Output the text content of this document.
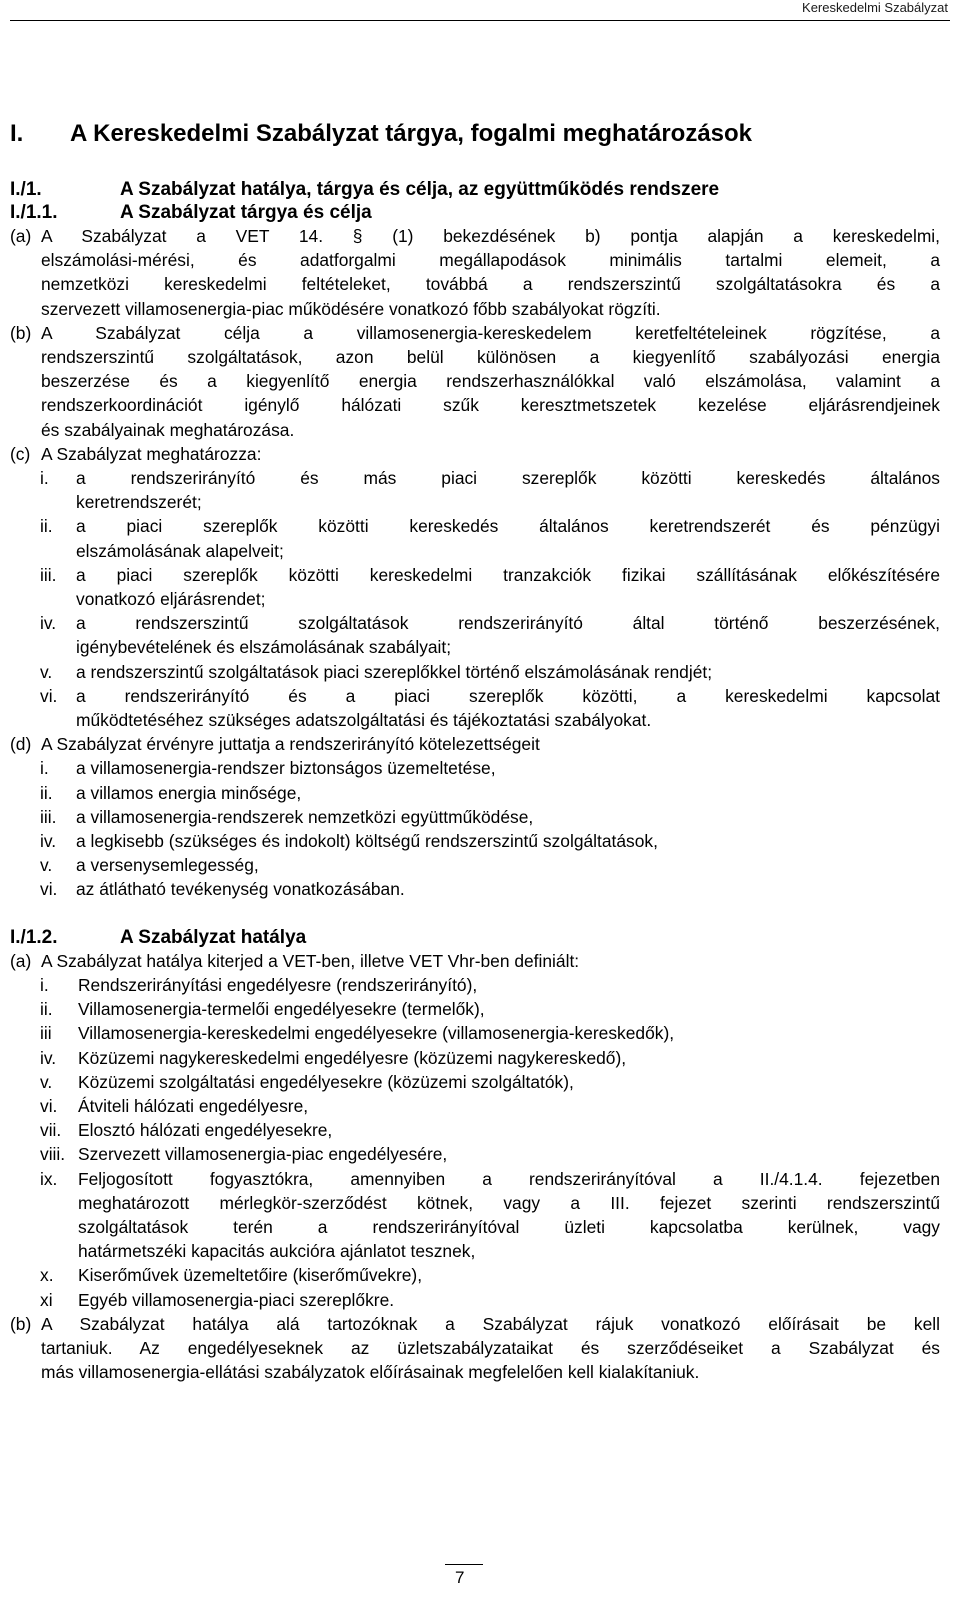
Kereskedelmi Szabályzat
I.	A Kereskedelmi Szabályzat tárgya, fogalmi meghatározások
I./1.	A Szabályzat hatálya, tárgya és célja, az együttműködés rendszere
I./1.1.	A Szabályzat tárgya és célja
(a) A Szabályzat a VET 14. § (1) bekezdésének b) pontja alapján a kereskedelmi,
elszámolási-mérési, és adatforgalmi megállapodások minimális tartalmi elemeit, a
nemzetközi kereskedelmi feltételeket, továbbá a rendszerszintű szolgáltatásokra és a
szervezett villamosenergia-piac működésére vonatkozó főbb szabályokat rögzíti.
(b) A Szabályzat célja a villamosenergia-kereskedelem keretfeltételeinek rögzítése, a
rendszerszintű szolgáltatások, azon belül különösen a kiegyenlítő szabályozási energia
beszerzése és a kiegyenlítő energia rendszerhasználókkal való elszámolása, valamint a
rendszerkoordinációt igénylő hálózati szűk keresztmetszetek kezelése eljárásrendjeinek
és szabályainak meghatározása.
(c) A Szabályzat meghatározza:
i.	a rendszerirányító és más piaci szereplők közötti kereskedés általános
keretrendszerét;
ii.	a piaci szereplők közötti kereskedés általános keretrendszerét és pénzügyi
elszámolásának alapelveit;
iii.	a piaci szereplők közötti kereskedelmi tranzakciók fizikai szállításának előkészítésére
vonatkozó eljárásrendet;
iv.	a rendszerszintű szolgáltatások rendszerirányító által történő beszerzésének,
igénybevételének és elszámolásának szabályait;
v.	a rendszerszintű szolgáltatások piaci szereplőkkel történő elszámolásának rendjét;
vi.	a rendszerirányító és a piaci szereplők közötti, a kereskedelmi kapcsolat
működtetéséhez szükséges adatszolgáltatási és tájékoztatási szabályokat.
(d) A Szabályzat érvényre juttatja a rendszerirányító kötelezettségeit
i.	a villamosenergia-rendszer biztonságos üzemeltetése,
ii.	a villamos energia minősége,
iii.	a villamosenergia-rendszerek nemzetközi együttműködése,
iv.	a legkisebb (szükséges és indokolt) költségű rendszerszintű szolgáltatások,
v.	a versenysemlegesség,
vi.	az átlátható tevékenység vonatkozásában.
I./1.2.	A Szabályzat hatálya
(a) A Szabályzat hatálya kiterjed a VET-ben, illetve VET Vhr-ben definiált:
i.	Rendszerirányítási engedélyesre (rendszerirányító),
ii.	Villamosenergia-termelői engedélyesekre (termelők),
iii	Villamosenergia-kereskedelmi engedélyesekre (villamosenergia-kereskedők),
iv.	Közüzemi nagykereskedelmi engedélyesre (közüzemi nagykereskedő),
v.	Közüzemi szolgáltatási engedélyesekre (közüzemi szolgáltatók),
vi.	Átviteli hálózati engedélyesre,
vii. Elosztó hálózati engedélyesekre,
viii. Szervezett villamosenergia-piac engedélyesére,
ix.	Feljogosított fogyasztókra, amennyiben a rendszerirányítóval a II./4.1.4. fejezetben
meghatározott mérlegkör-szerződést kötnek, vagy a III. fejezet szerinti rendszerszintű
szolgáltatások terén a rendszerirányítóval üzleti kapcsolatba kerülnek, vagy
határmetszéki kapacitás aukcióra ajánlatot tesznek,
x.	Kiserőművek üzemeltetőire (kiserőművekre),
xi	Egyéb villamosenergia-piaci szereplőkre.
(b) A Szabályzat hatálya alá tartozóknak a Szabályzat rájuk vonatkozó előírásait be kell
tartaniuk. Az engedélyeseknek az üzletszabályzataikat és szerződéseiket a Szabályzat és
más villamosenergia-ellátási szabályzatok előírásainak megfelelően kell kialakítaniuk.
7
